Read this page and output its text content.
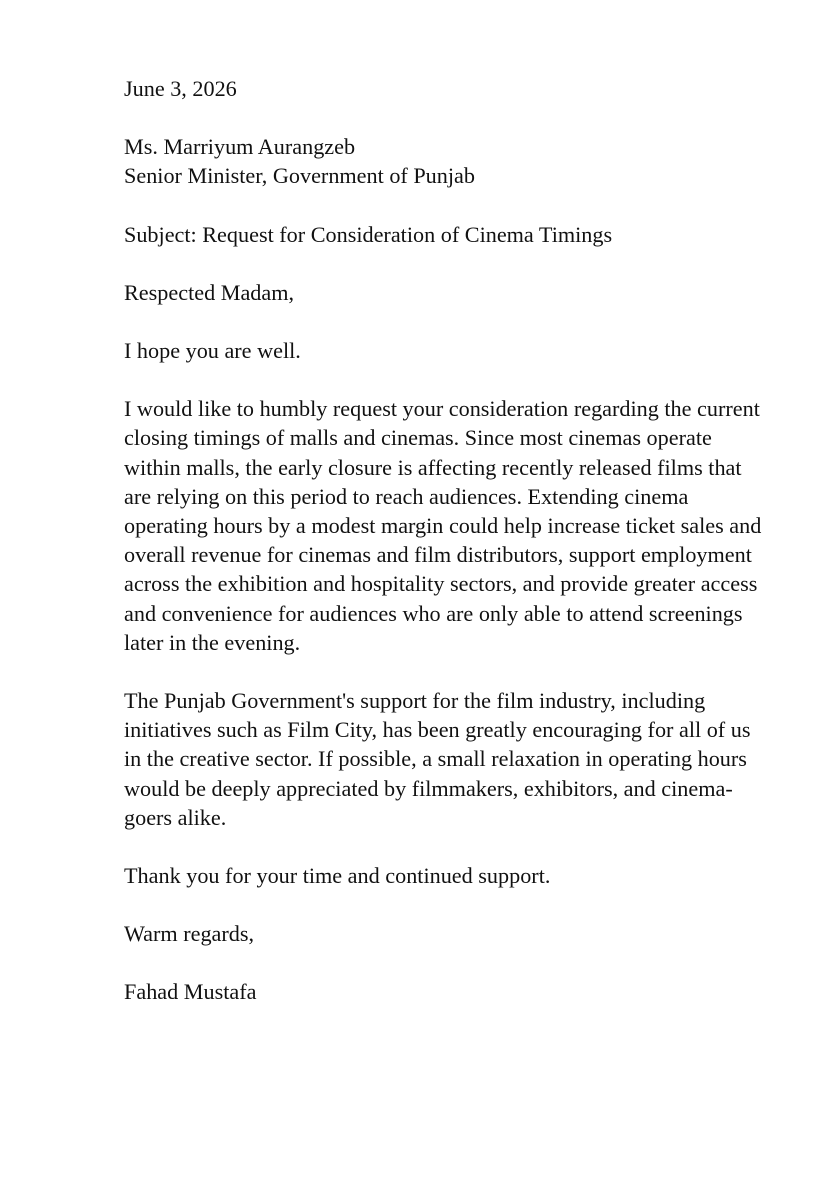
June 3, 2026

Ms. Marriyum Aurangzeb
Senior Minister, Government of Punjab

Subject: Request for Consideration of Cinema Timings

Respected Madam,

I hope you are well.

I would like to humbly request your consideration regarding the current closing timings of malls and cinemas. Since most cinemas operate within malls, the early closure is affecting recently released films that are relying on this period to reach audiences. Extending cinema operating hours by a modest margin could help increase ticket sales and overall revenue for cinemas and film distributors, support employment across the exhibition and hospitality sectors, and provide greater access and convenience for audiences who are only able to attend screenings later in the evening.

The Punjab Government's support for the film industry, including initiatives such as Film City, has been greatly encouraging for all of us in the creative sector. If possible, a small relaxation in operating hours would be deeply appreciated by filmmakers, exhibitors, and cinema-goers alike.

Thank you for your time and continued support.

Warm regards,

Fahad Mustafa
